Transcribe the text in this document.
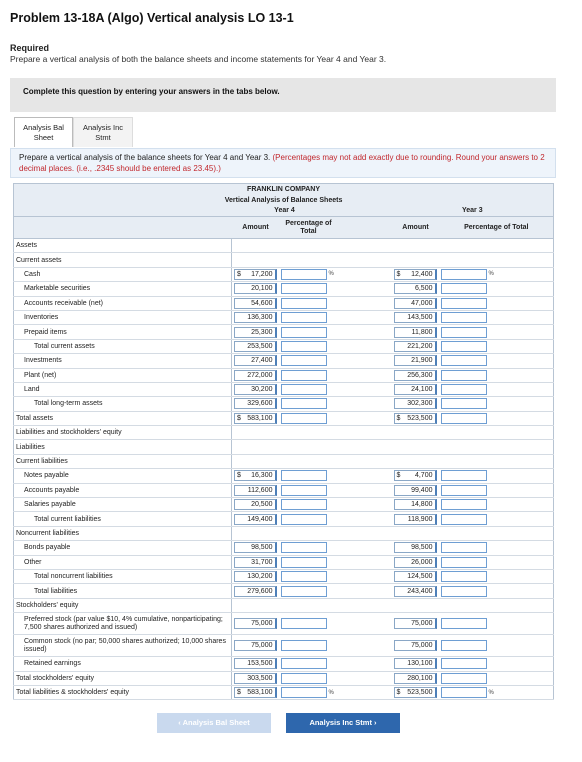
Problem 13-18A (Algo) Vertical analysis LO 13-1
Required
Prepare a vertical analysis of both the balance sheets and income statements for Year 4 and Year 3.
Complete this question by entering your answers in the tabs below.
Analysis Bal
Sheet
Analysis Inc
Stmt
Prepare a vertical analysis of the balance sheets for Year 4 and Year 3. (Percentages may not add exactly due to rounding. Round your answers to 2 decimal places. (i.e., .2345 should be entered as 23.45).)
FRANKLIN COMPANY								
Vertical Analysis of Balance Sheets								
	Year 4				Year 3			
	Amount	Percentage of Total			Amount	Percentage of Total		
Assets								
Current assets								
Cash	$ 17,200		%		$ 12,400		%	
Marketable securities	20,100				6,500			

Accounts receivable (net)	54,600				47,000			

Inventories	136,300				143,500			

Prepaid items	25,300				11,800			

Total current assets	253,500				221,200			

Investments	27,400				21,900			

Plant (net)	272,000				256,300			

Land	30,200				24,100			

Total long-term assets	329,600				302,300			

Total assets	$ 583,100				$ 523,500			

Liabilities and stockholders' equity								
Liabilities								
Current liabilities								
Notes payable	$ 16,300				$ 4,700			

Accounts payable	112,600				99,400			

Salaries payable	20,500				14,800			

Total current liabilities	149,400				118,900			

Noncurrent liabilities								
Bonds payable	98,500				98,500			

Other	31,700				26,000			

Total noncurrent liabilities	130,200				124,500			

Total liabilities	279,600				243,400			

Stockholders' equity								
Preferred stock (par value $10, 4% cumulative, nonparticipating; 7,500 shares authorized and issued)	75,000				75,000			

Common stock (no par; 50,000 shares authorized; 10,000 shares issued)	75,000				75,000			

Retained earnings	153,500				130,100			

Total stockholders' equity	303,500				280,100			

Total liabilities & stockholders' equity	$ 583,100		%		$ 523,500		%	
‹ Analysis Bal Sheet	Analysis Inc Stmt ›
